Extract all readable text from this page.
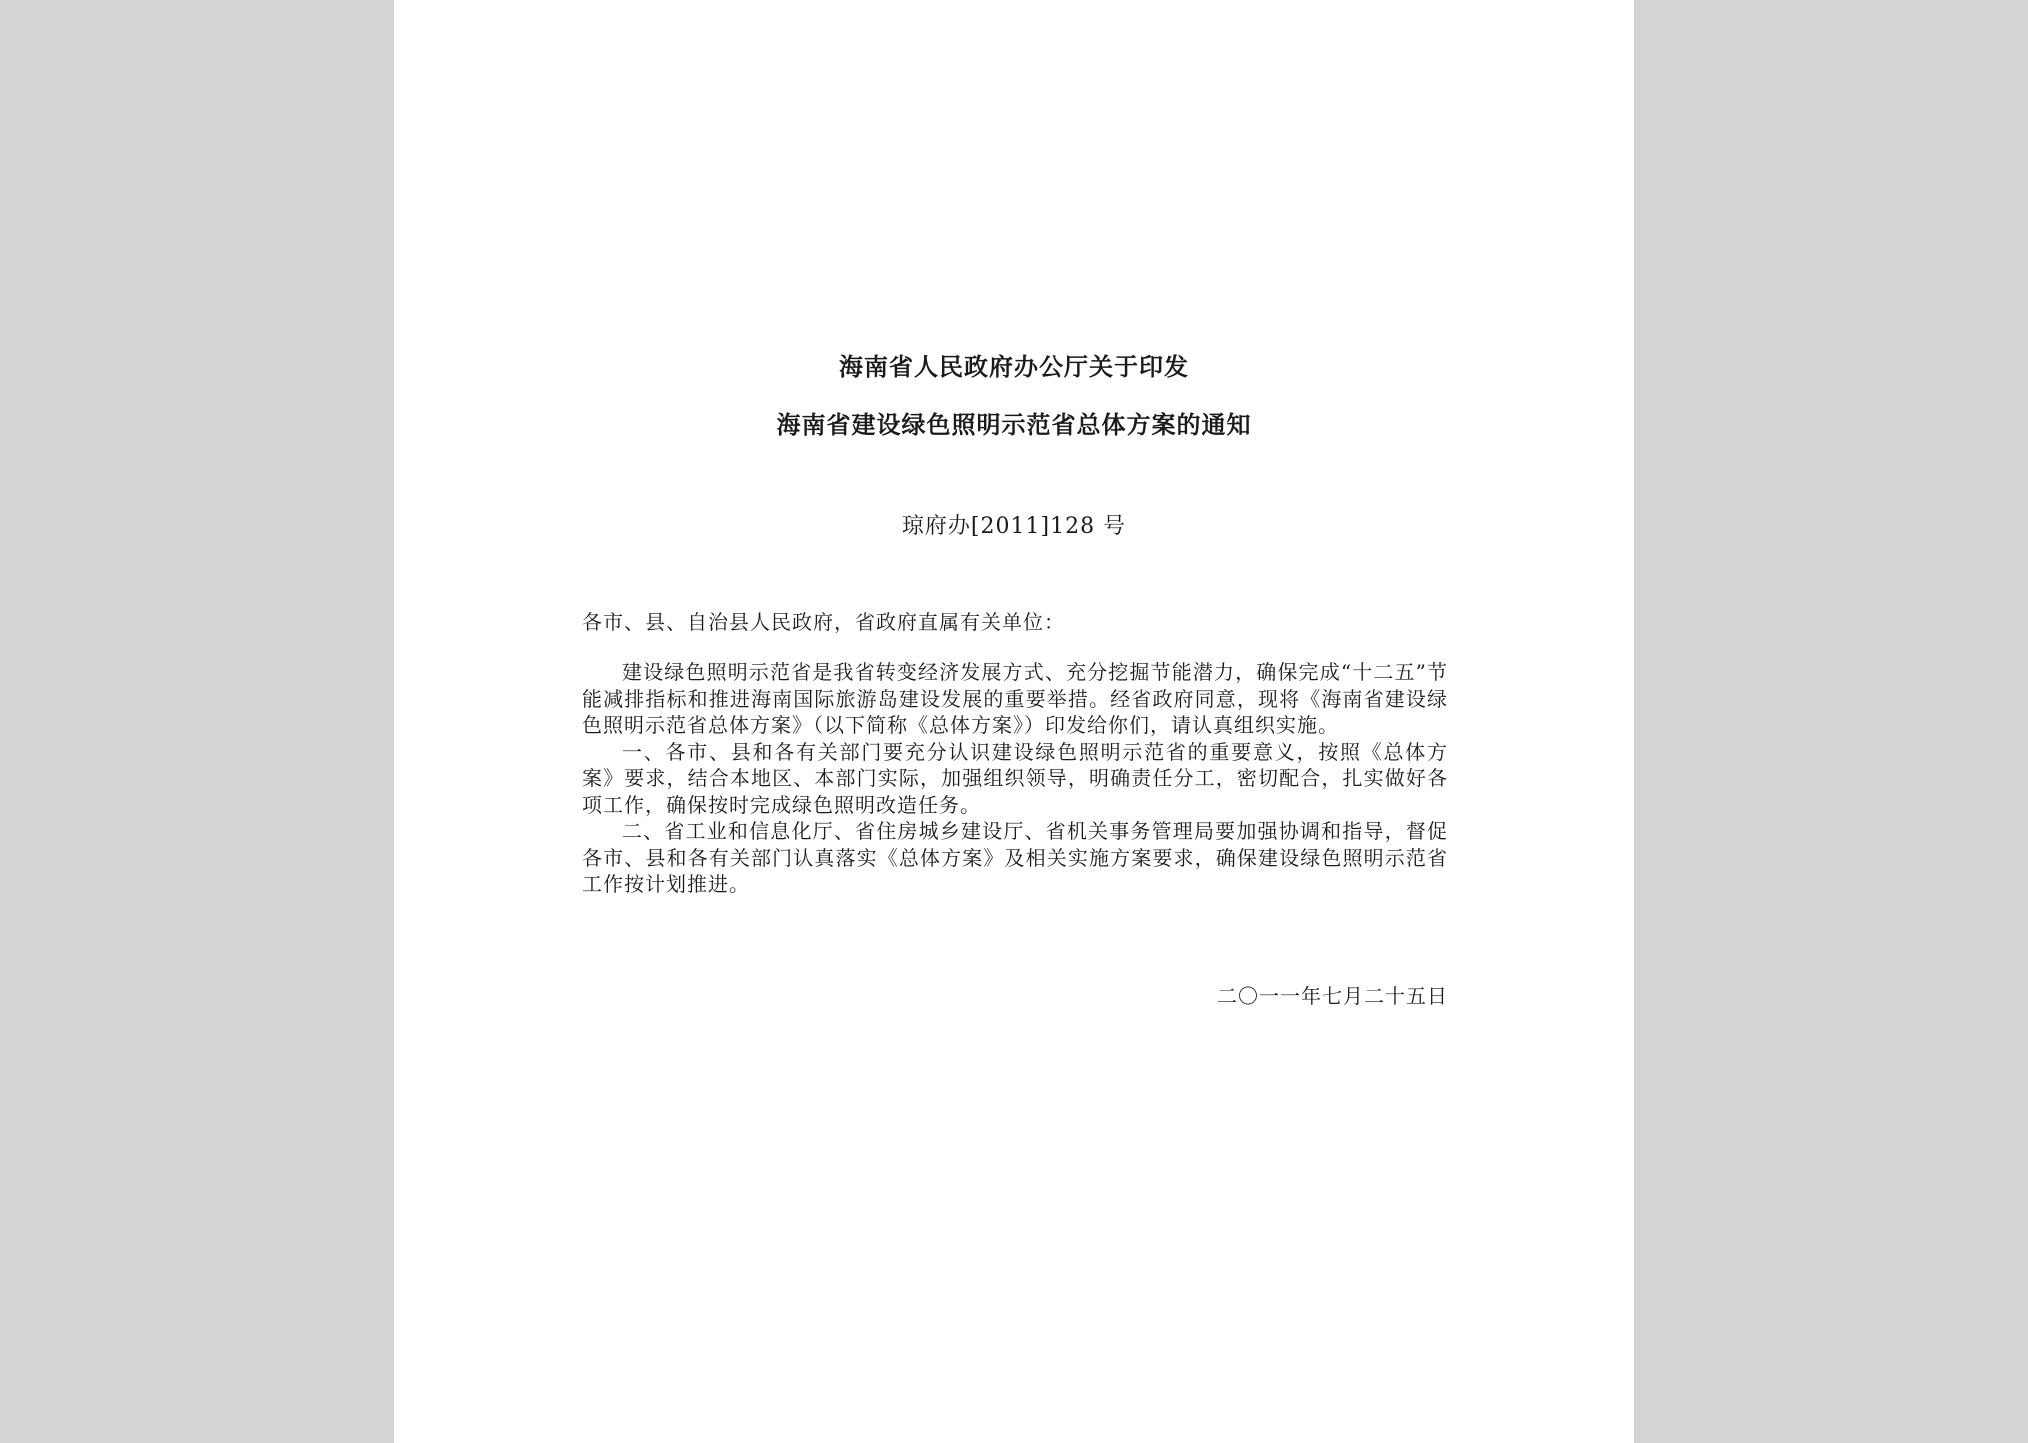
海南省人民政府办公厅关于印发
海南省建设绿色照明示范省总体方案的通知
琼府办[2011]128 号
各市、县、自治县人民政府，省政府直属有关单位：

建设绿色照明示范省是我省转变经济发展方式、充分挖掘节能潜力，确保完成“十二五”节能减排指标和推进海南国际旅游岛建设发展的重要举措。经省政府同意，现将《海南省建设绿色照明示范省总体方案》（以下简称《总体方案》）印发给你们，请认真组织实施。

一、各市、县和各有关部门要充分认识建设绿色照明示范省的重要意义，按照《总体方案》要求，结合本地区、本部门实际，加强组织领导，明确责任分工，密切配合，扎实做好各项工作，确保按时完成绿色照明改造任务。

二、省工业和信息化厅、省住房城乡建设厅、省机关事务管理局要加强协调和指导，督促各市、县和各有关部门认真落实《总体方案》及相关实施方案要求，确保建设绿色照明示范省工作按计划推进。

二〇一一年七月二十五日
